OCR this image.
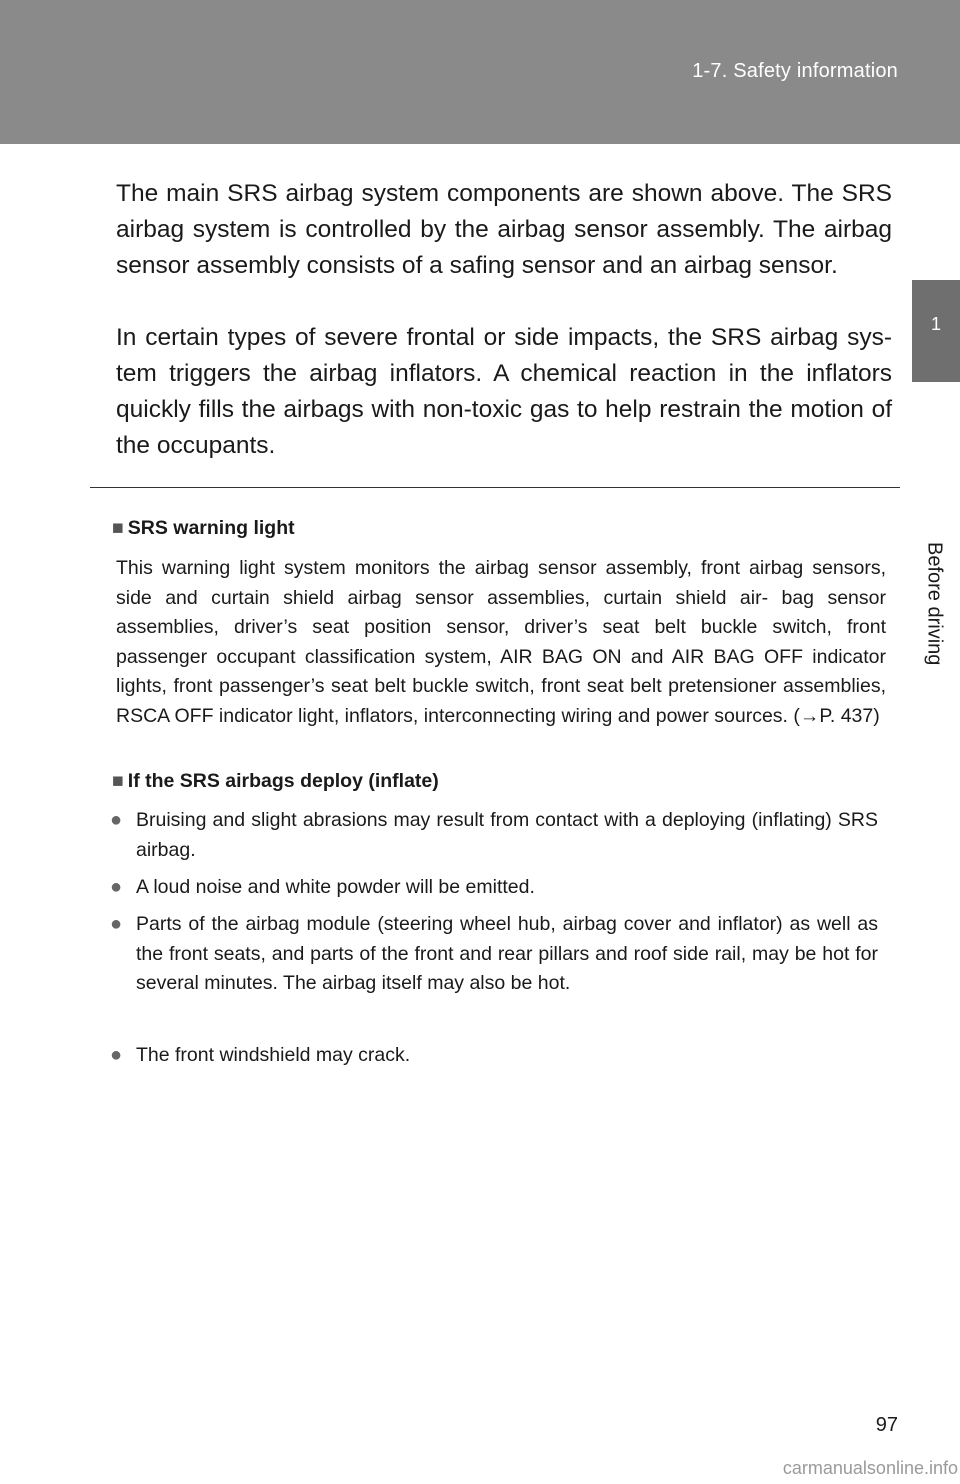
1-7. Safety information
1
Before driving
The main SRS airbag system components are shown above. The SRS airbag system is controlled by the airbag sensor assembly. The airbag sensor assembly consists of a safing sensor and an airbag sensor.
In certain types of severe frontal or side impacts, the SRS airbag sys- tem triggers the airbag inflators. A chemical reaction in the inflators quickly fills the airbags with non-toxic gas to help restrain the motion of the occupants.
■ SRS warning light
This warning light system monitors the airbag sensor assembly, front airbag sensors, side and curtain shield airbag sensor assemblies, curtain shield air- bag sensor assemblies, driver’s seat position sensor, driver’s seat belt buckle switch, front passenger occupant classification system, AIR BAG ON and AIR BAG OFF indicator lights, front passenger’s seat belt buckle switch, front seat belt pretensioner assemblies, RSCA OFF indicator light, inflators, interconnecting wiring and power sources. (→P. 437)
■ If the SRS airbags deploy (inflate)
● Bruising and slight abrasions may result from contact with a deploying (inflating) SRS airbag.
● A loud noise and white powder will be emitted.
● Parts of the airbag module (steering wheel hub, airbag cover and inflator) as well as the front seats, and parts of the front and rear pillars and roof side rail, may be hot for several minutes. The airbag itself may also be hot.
● The front windshield may crack.
97
carmanualsonline.info
